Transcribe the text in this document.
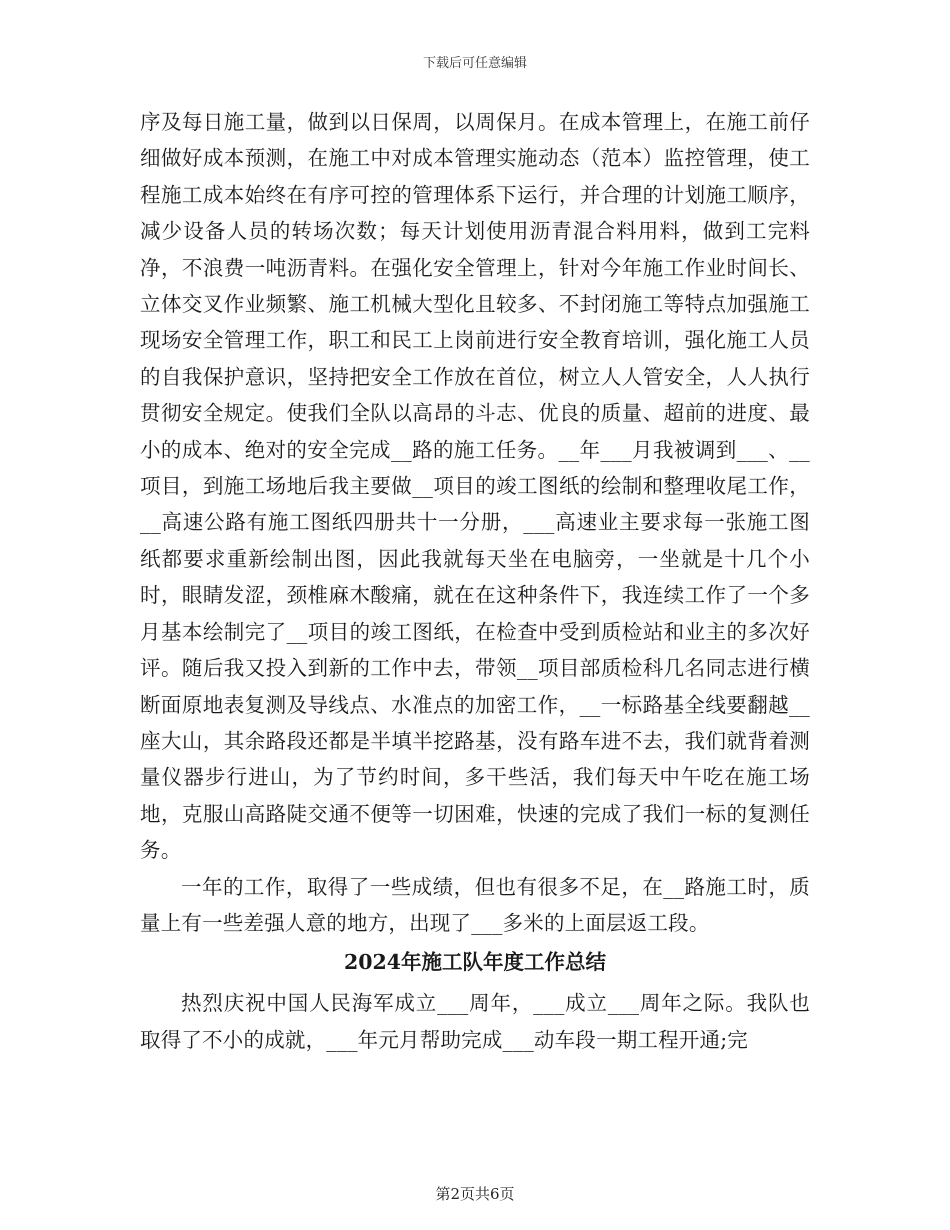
下载后可任意编辑

序及每日施工量，做到以日保周，以周保月。在成本管理上，在施工前仔细做好成本预测，在施工中对成本管理实施动态（范本）监控管理，使工程施工成本始终在有序可控的管理体系下运行，并合理的计划施工顺序，减少设备人员的转场次数；每天计划使用沥青混合料用料，做到工完料净，不浪费一吨沥青料。在强化安全管理上，针对今年施工作业时间长、立体交叉作业频繁、施工机械大型化且较多、不封闭施工等特点加强施工现场安全管理工作，职工和民工上岗前进行安全教育培训，强化施工人员的自我保护意识，坚持把安全工作放在首位，树立人人管安全，人人执行贯彻安全规定。使我们全队以高昂的斗志、优良的质量、超前的进度、最小的成本、绝对的安全完成__路的施工任务。__年___月我被调到___、__项目，到施工场地后我主要做__项目的竣工图纸的绘制和整理收尾工作，__高速公路有施工图纸四册共十一分册，___高速业主要求每一张施工图纸都要求重新绘制出图，因此我就每天坐在电脑旁，一坐就是十几个小时，眼睛发涩，颈椎麻木酸痛，就在在这种条件下，我连续工作了一个多月基本绘制完了__项目的竣工图纸，在检查中受到质检站和业主的多次好评。随后我又投入到新的工作中去，带领__项目部质检科几名同志进行横断面原地表复测及导线点、水准点的加密工作，__一标路基全线要翻越__座大山，其余路段还都是半填半挖路基，没有路车进不去，我们就背着测量仪器步行进山，为了节约时间，多干些活，我们每天中午吃在施工场地，克服山高路陡交通不便等一切困难，快速的完成了我们一标的复测任务。

一年的工作，取得了一些成绩，但也有很多不足，在__路施工时，质量上有一些差强人意的地方，出现了___多米的上面层返工段。

2024年施工队年度工作总结

热烈庆祝中国人民海军成立___周年，___成立___周年之际。我队也取得了不小的成就，___年元月帮助完成___动车段一期工程开通;完

第2页共6页
